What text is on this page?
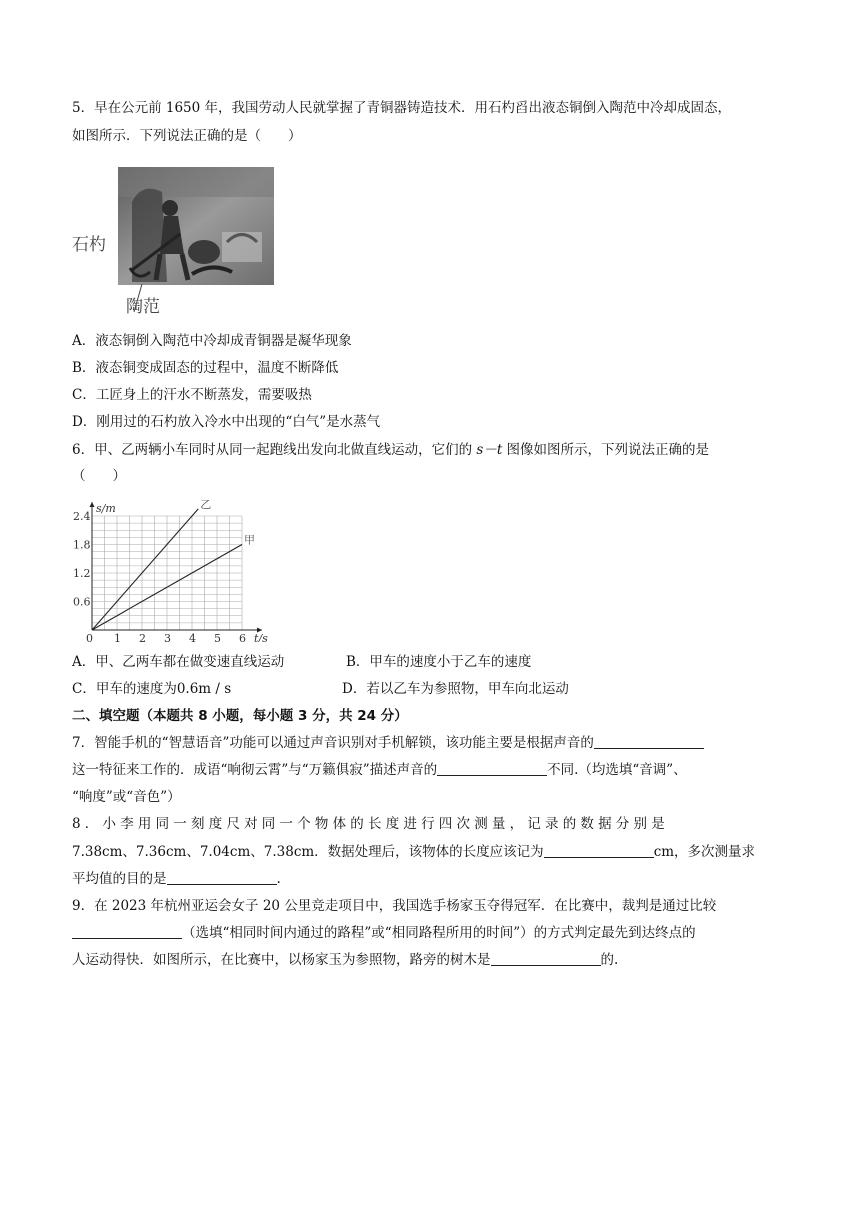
5．早在公元前 1650 年，我国劳动人民就掌握了青铜器铸造技术．用石杓舀出液态铜倒入陶范中冷却成固态，
如图所示．下列说法正确的是（　　）
石杓
陶范
A．液态铜倒入陶范中冷却成青铜器是凝华现象
B．液态铜变成固态的过程中，温度不断降低
C．工匠身上的汗水不断蒸发，需要吸热
D．刚用过的石杓放入冷水中出现的“白气”是水蒸气
6．甲、乙两辆小车同时从同一起跑线出发向北做直线运动，它们的 s－t 图像如图所示，下列说法正确的是
（　　）
0 1 2 3 4 5 6
0.6
1.2
1.8
2.4
s/m
t/s
乙
甲
A．甲、乙两车都在做变速直线运动	B．甲车的速度小于乙车的速度
C．甲车的速度为0.6m / s	D．若以乙车为参照物，甲车向北运动
二、填空题（本题共 8 小题，每小题 3 分，共 24 分）
7．智能手机的“智慧语音”功能可以通过声音识别对手机解锁，该功能主要是根据声音的
这一特征来工作的．成语“响彻云霄”与“万籁俱寂”描述声音的	不同.（均选填“音调”、
“响度”或“音色”）
8．小李用同一刻度尺对同一个物体的长度进行四次测量，记录的数据分别是
7.38cm、7.36cm、7.04cm、7.38cm．数据处理后，该物体的长度应该记为	cm，多次测量求
平均值的目的是	.
9．在 2023 年杭州亚运会女子 20 公里竞走项目中，我国选手杨家玉夺得冠军．在比赛中，裁判是通过比较
（选填“相同时间内通过的路程”或“相同路程所用的时间”）的方式判定最先到达终点的
人运动得快．如图所示，在比赛中，以杨家玉为参照物，路旁的树木是	的.
